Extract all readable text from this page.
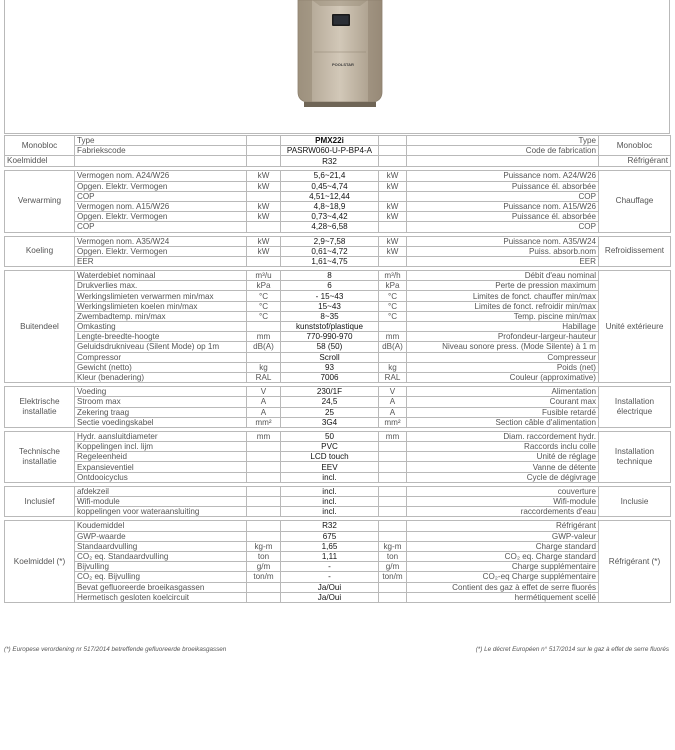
POOLSTAR
Monobloc	Type		PMX22i		Type	Monobloc
	Fabriekscode		PASRW060-U-P-BP4-A		Code de fabrication	
Koelmiddel			R32			Réfrigérant

Verwarming	Vermogen nom. A24/W26	kW	5,6~21,4	kW	Puissance nom. A24/W26	Chauffage
	Opgen. Elektr. Vermogen	kW	0,45~4,74	kW	Puissance él. absorbée	
	COP		4,51~12,44		COP	
	Vermogen nom. A15/W26	kW	4,8~18,9	kW	Puissance nom. A15/W26	
	Opgen. Elektr. Vermogen	kW	0,73~4,42	kW	Puissance él. absorbée	
	COP		4,28~6,58		COP	

Koeling	Vermogen nom. A35/W24	kW	2,9~7,58	kW	Puissance nom. A35/W24	Refroidissement
	Opgen. Elektr. Vermogen	kW	0,61~4,72	kW	Puiss. absorb.nom	
	EER		1,61~4,75		EER	

Buitendeel	Waterdebiet nominaal	m³/u	8	m³/h	Débit d'eau nominal	Unité extérieure
	Drukverlies max.	kPa	6	kPa	Perte de pression maximum	
	Werkingslimieten verwarmen min/max	°C	- 15~43	°C	Limites de fonct. chauffer min/max	
	Werkingslimieten koelen min/max	°C	15~43	°C	Limites de fonct. refroidir min/max	
	Zwembadtemp. min/max	°C	8~35	°C	Temp. piscine min/max	
	Omkasting		kunststof/plastique		Habillage	
	Lengte-breedte-hoogte	mm	770-990-970	mm	Profondeur-largeur-hauteur	
	Geluidsdrukniveau (Silent Mode) op 1m	dB(A)	58 (50)	dB(A)	Niveau sonore press. (Mode Silente) à 1 m	
	Compressor		Scroll		Compresseur	
	Gewicht (netto)	kg	93	kg	Poids (net)	
	Kleur (benadering)	RAL	7006	RAL	Couleur (approximative)	

Elektrische installatie	Voeding	V	230/1F	V	Alimentation	Installation électrique
	Stroom max	A	24,5	A	Courant max	
	Zekering traag	A	25	A	Fusible retardé	
	Sectie voedingskabel	mm²	3G4	mm²	Section câble d'alimentation	

Technische installatie	Hydr. aansluitdiameter	mm	50	mm	Diam. raccordement hydr.	Installation technique
	Koppelingen incl. lijm		PVC		Raccords inclu colle	
	Regeleenheid		LCD touch		Unité de réglage	
	Expansieventiel		EEV		Vanne de détente	
	Ontdooicyclus		incl.		Cycle de dégivrage	

Inclusief	afdekzeil		incl.		couverture	Inclusie
	Wifi-module		incl.		Wifi-module	
	koppelingen voor wateraansluiting		incl.		raccordements d'eau	

Koelmiddel (*)	Koudemiddel		R32		Réfrigérant	Réfrigérant (*)
	GWP-waarde		675		GWP-valeur	
	Standaardvulling	kg-m	1,65	kg-m	Charge standard	
	CO₂ eq. Standaardvulling	ton	1,11	ton	CO₂ eq. Charge standard	
	Bijvulling	g/m	-	g/m	Charge supplémentaire	
	CO₂ eq. Bijvulling	ton/m	-	ton/m	CO₂-eq Charge supplémentaire	
	Bevat gefluoreerde broeikasgassen		Ja/Oui		Contient des gaz à effet de serre fluorés	
	Hermetisch gesloten koelcircuit		Ja/Oui		hermétiquement scellé	
(*) Europese verordening nr 517/2014 betreffende gefluoreerde broeikasgassen	(*) Le décret Européen n° 517/2014 sur le gaz à effet de serre fluorés
